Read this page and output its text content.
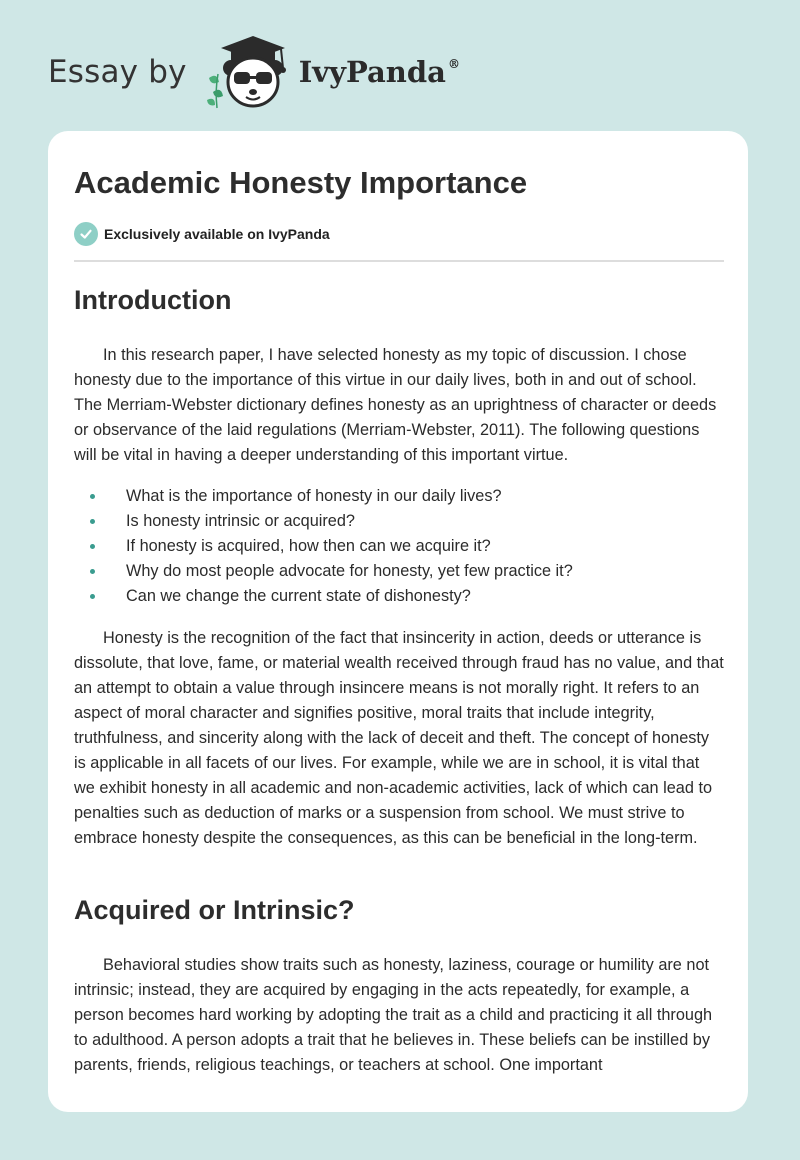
Essay by	IvyPanda®
Academic Honesty Importance
Exclusively available on IvyPanda
Introduction

In this research paper, I have selected honesty as my topic of discussion. I chose honesty due to the importance of this virtue in our daily lives, both in and out of school. The Merriam-Webster dictionary defines honesty as an uprightness of character or deeds or observance of the laid regulations (Merriam-Webster, 2011). The following questions will be vital in having a deeper understanding of this important virtue.

What is the importance of honesty in our daily lives?
Is honesty intrinsic or acquired?
If honesty is acquired, how then can we acquire it?
Why do most people advocate for honesty, yet few practice it?
Can we change the current state of dishonesty?

Honesty is the recognition of the fact that insincerity in action, deeds or utterance is dissolute, that love, fame, or material wealth received through fraud has no value, and that an attempt to obtain a value through insincere means is not morally right. It refers to an aspect of moral character and signifies positive, moral traits that include integrity, truthfulness, and sincerity along with the lack of deceit and theft. The concept of honesty is applicable in all facets of our lives. For example, while we are in school, it is vital that we exhibit honesty in all academic and non-academic activities, lack of which can lead to penalties such as deduction of marks or a suspension from school. We must strive to embrace honesty despite the consequences, as this can be beneficial in the long-term.

Acquired or Intrinsic?

Behavioral studies show traits such as honesty, laziness, courage or humility are not intrinsic; instead, they are acquired by engaging in the acts repeatedly, for example, a person becomes hard working by adopting the trait as a child and practicing it all through to adulthood. A person adopts a trait that he believes in. These beliefs can be instilled by parents, friends, religious teachings, or teachers at school. One important
